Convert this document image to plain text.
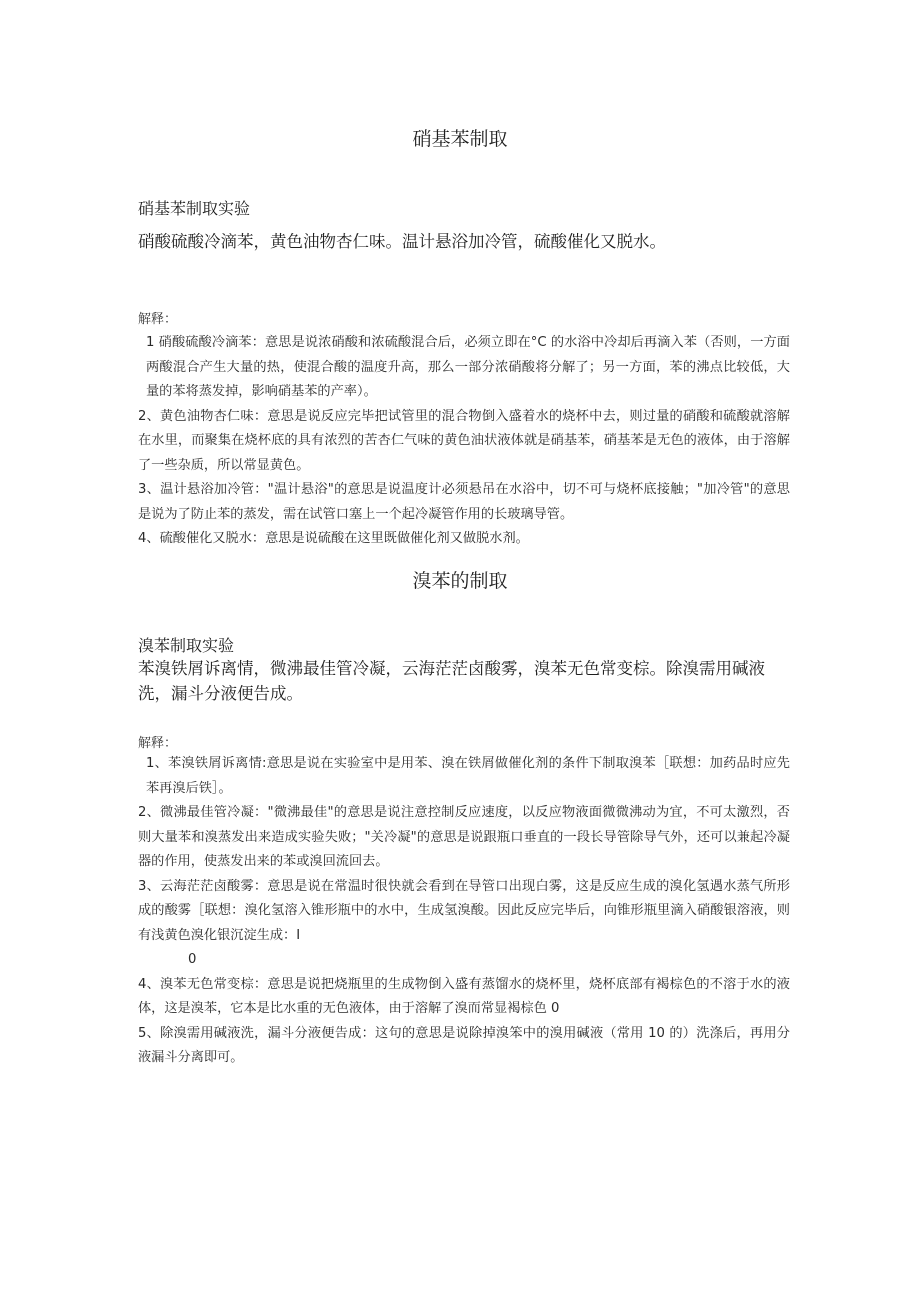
硝基苯制取
硝基苯制取实验
硝酸硫酸冷滴苯，黄色油物杏仁味。温计悬浴加冷管，硫酸催化又脱水。
解释：

1 硝酸硫酸冷滴苯：意思是说浓硝酸和浓硫酸混合后，必须立即在°C 的水浴中冷却后再滴入苯（否则，一方面两酸混合产生大量的热，使混合酸的温度升高，那么一部分浓硝酸将分解了；另一方面，苯的沸点比较低，大量的苯将蒸发掉，影响硝基苯的产率）。

2、黄色油物杏仁味：意思是说反应完毕把试管里的混合物倒入盛着水的烧杯中去，则过量的硝酸和硫酸就溶解在水里，而聚集在烧杯底的具有浓烈的苦杏仁气味的黄色油状液体就是硝基苯，硝基苯是无色的液体，由于溶解了一些杂质，所以常显黄色。

3、温计悬浴加冷管："温计悬浴"的意思是说温度计必须悬吊在水浴中，切不可与烧杯底接触；"加冷管"的意思是说为了防止苯的蒸发，需在试管口塞上一个起冷凝管作用的长玻璃导管。

4、硫酸催化又脱水：意思是说硫酸在这里既做催化剂又做脱水剂。

溴苯的制取
溴苯制取实验
苯溴铁屑诉离情，微沸最佳管冷凝，云海茫茫卤酸雾，溴苯无色常变棕。除溴需用碱液洗，漏斗分液便告成。
解释：

1、苯溴铁屑诉离情:意思是说在实验室中是用苯、溴在铁屑做催化剂的条件下制取溴苯［联想：加药品时应先苯再溴后铁］。

2、微沸最佳管冷凝："微沸最佳"的意思是说注意控制反应速度，以反应物液面微微沸动为宜，不可太激烈，否则大量苯和溴蒸发出来造成实验失败；"关冷凝"的意思是说跟瓶口垂直的一段长导管除导气外，还可以兼起冷凝器的作用，使蒸发出来的苯或溴回流回去。

3、云海茫茫卤酸雾：意思是说在常温时很快就会看到在导管口出现白雾，这是反应生成的溴化氢遇水蒸气所形成的酸雾［联想：溴化氢溶入锥形瓶中的水中，生成氢溴酸。因此反应完毕后，向锥形瓶里滴入硝酸银溶液，则有浅黄色溴化银沉淀生成：I

0

4、溴苯无色常变棕：意思是说把烧瓶里的生成物倒入盛有蒸馏水的烧杯里，烧杯底部有褐棕色的不溶于水的液体，这是溴苯，它本是比水重的无色液体，由于溶解了溴而常显褐棕色 0

5、除溴需用碱液洗，漏斗分液便告成：这句的意思是说除掉溴笨中的溴用碱液（常用 10 的）洗涤后，再用分液漏斗分离即可。
